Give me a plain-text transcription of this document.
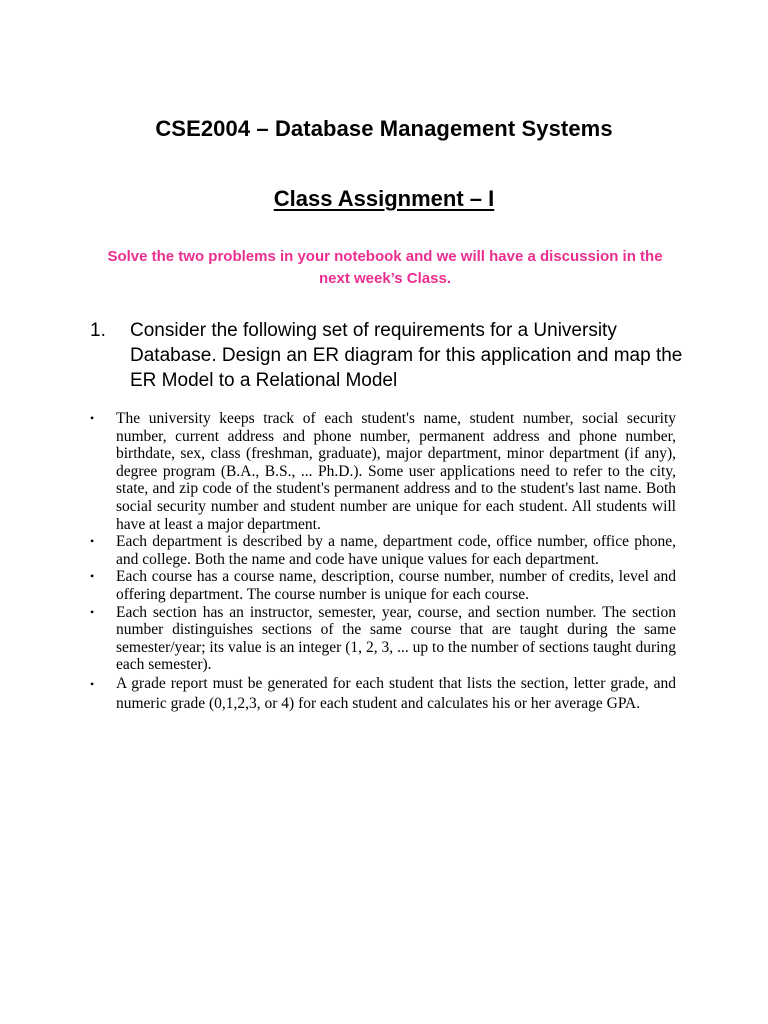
CSE2004 – Database Management Systems
Class Assignment – I
Solve the two problems in your notebook and we will have a discussion in the next week’s Class.
1.	Consider the following set of requirements for a University Database. Design an ER diagram for this application and map the ER Model to a Relational Model
•	The university keeps track of each student's name, student number, social security number, current address and phone number, permanent address and phone number, birthdate, sex, class (freshman, graduate), major department, minor department (if any), degree program (B.A., B.S., ... Ph.D.). Some user applications need to refer to the city, state, and zip code of the student's permanent address and to the student's last name. Both social security number and student number are unique for each student. All students will have at least a major department.
•	Each department is described by a name, department code, office number, office phone, and college. Both the name and code have unique values for each department.
•	Each course has a course name, description, course number, number of credits, level and offering department. The course number is unique for each course.
•	Each section has an instructor, semester, year, course, and section number. The section number distinguishes sections of the same course that are taught during the same semester/year; its value is an integer (1, 2, 3, ... up to the number of sections taught during each semester).
•	A grade report must be generated for each student that lists the section, letter grade, and numeric grade (0,1,2,3, or 4) for each student and calculates his or her average GPA.
